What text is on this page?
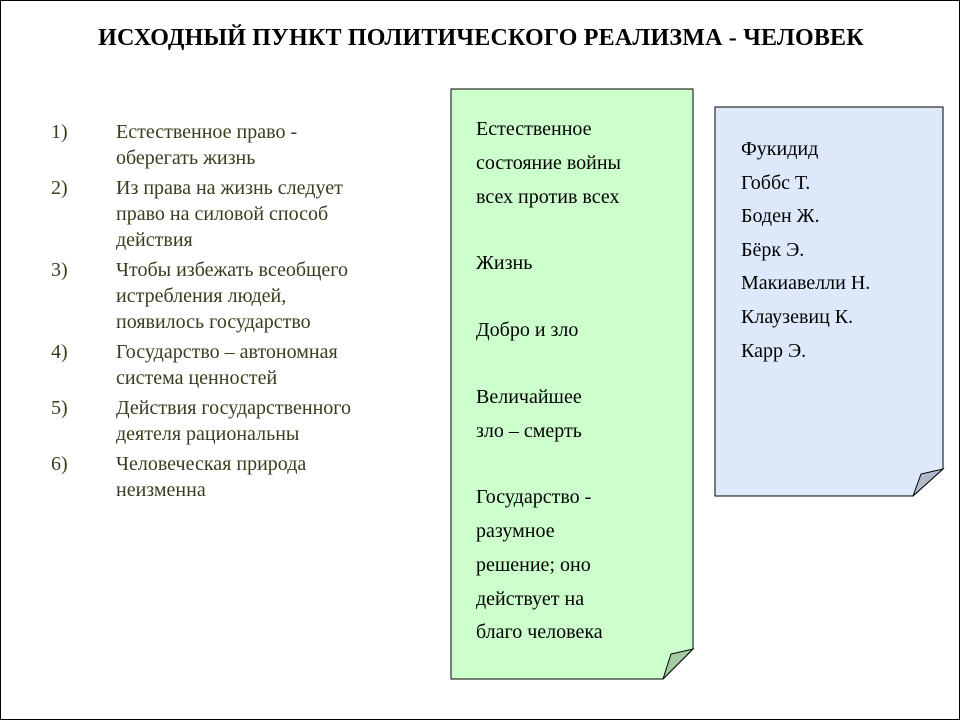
ИСХОДНЫЙ ПУНКТ ПОЛИТИЧЕСКОГО РЕАЛИЗМА - ЧЕЛОВЕК
1)	Естественное право -
оберегать жизнь
2)	Из права на жизнь следует
право на силовой способ
действия
3)	Чтобы избежать всеобщего
истребления людей,
появилось государство
4)	Государство – автономная
система ценностей
5)	Действия государственного
деятеля рациональны
6)	Человеческая природа
неизменна
Естественное
состояние войны
всех против всех
Жизнь
Добро и зло
Величайшее
зло – смерть
Государство -
разумное
решение; оно
действует на
благо человека
Фукидид
Гоббс Т.
Боден Ж.
Бёрк Э.
Макиавелли Н.
Клаузевиц К.
Карр Э.
